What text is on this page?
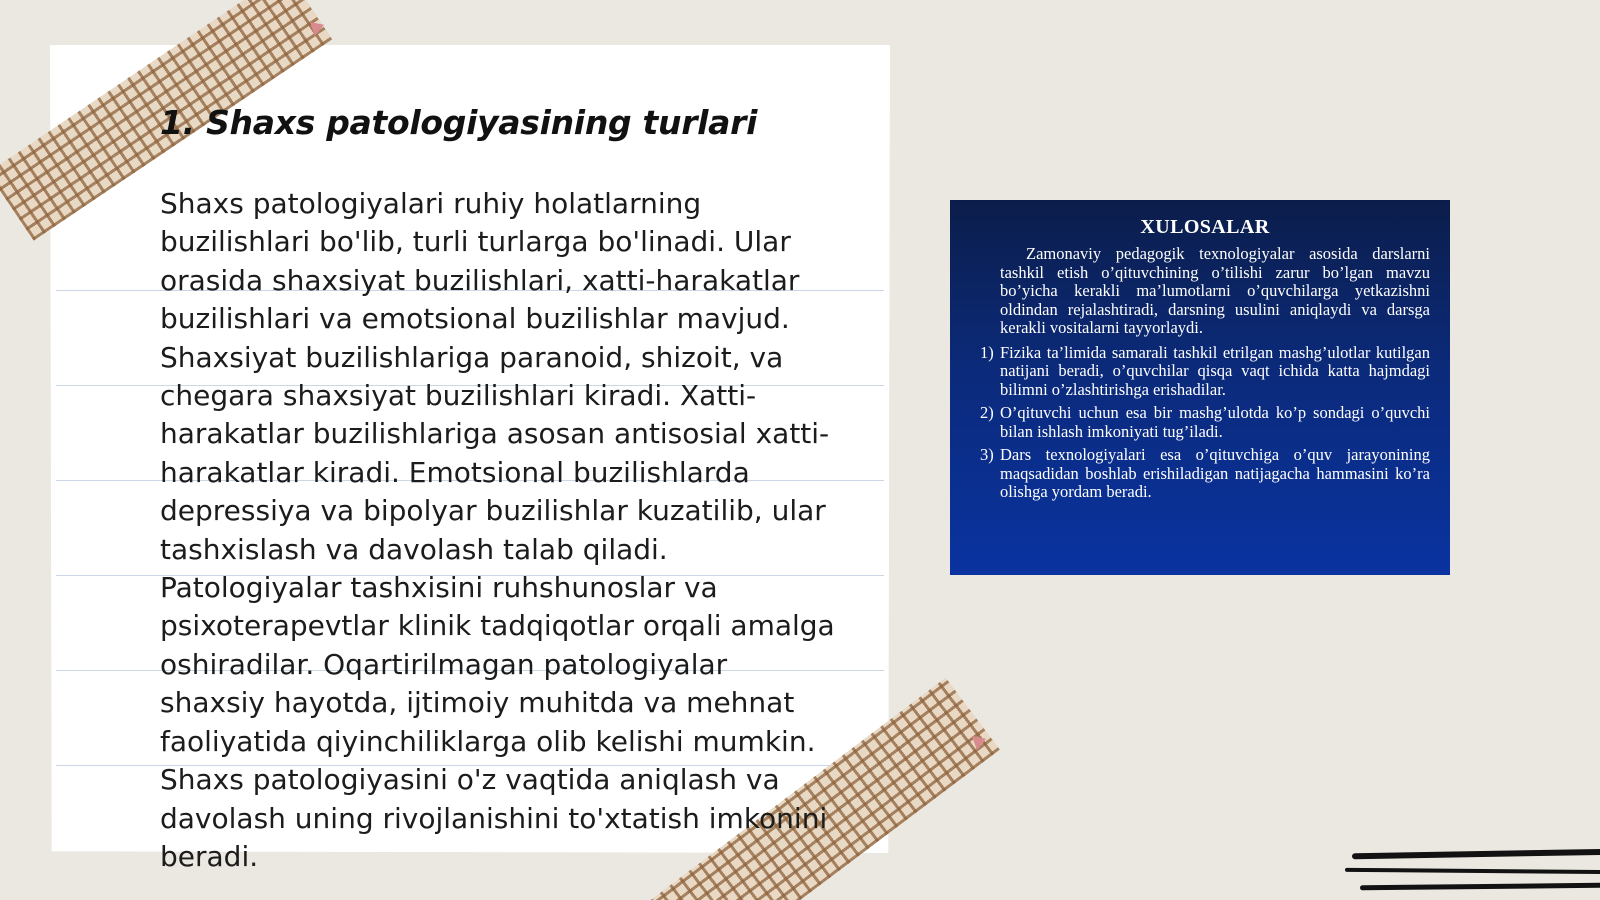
1. Shaxs patologiyasining turlari

Shaxs patologiyalari ruhiy holatlarning buzilishlari bo'lib, turli turlarga bo'linadi. Ular orasida shaxsiyat buzilishlari, xatti-harakatlar buzilishlari va emotsional buzilishlar mavjud. Shaxsiyat buzilishlariga paranoid, shizoit, va chegara shaxsiyat buzilishlari kiradi. Xatti-harakatlar buzilishlariga asosan antisosial xatti-harakatlar kiradi. Emotsional buzilishlarda depressiya va bipolyar buzilishlar kuzatilib, ular tashxislash va davolash talab qiladi. Patologiyalar tashxisini ruhshunoslar va psixoterapevtlar klinik tadqiqotlar orqali amalga oshiradilar. Oqartirilmagan patologiyalar shaxsiy hayotda, ijtimoiy muhitda va mehnat faoliyatida qiyinchiliklarga olib kelishi mumkin. Shaxs patologiyasini o'z vaqtida aniqlash va davolash uning rivojlanishini to'xtatish imkonini beradi.

XULOSALAR

Zamonaviy pedagogik texnologiyalar asosida darslarni tashkil etish o’qituvchining o’tilishi zarur bo’lgan mavzu bo’yicha kerakli ma’lumotlarni o’quvchilarga yetkazishni oldindan rejalashtiradi, darsning usulini aniqlaydi va darsga kerakli vositalarni tayyorlaydi.

1) Fizika ta’limida samarali tashkil etrilgan mashg’ulotlar kutilgan natijani beradi, o’quvchilar qisqa vaqt ichida katta hajmdagi bilimni o’zlashtirishga erishadilar.
2) O’qituvchi uchun esa bir mashg’ulotda ko’p sondagi o’quvchi bilan ishlash imkoniyati tug’iladi.
3) Dars texnologiyalari esa o’qituvchiga o’quv jarayonining maqsadidan boshlab erishiladigan natijagacha hammasini ko’ra olishga yordam beradi.
